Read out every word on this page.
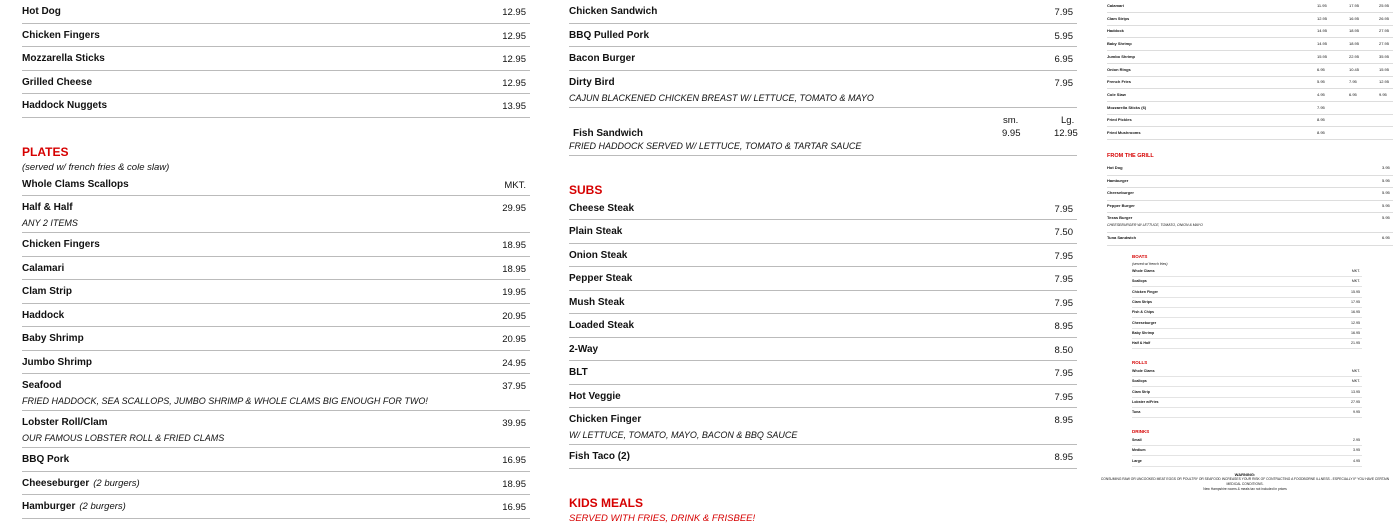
Hot Dog	12.95
Chicken Fingers	12.95
Mozzarella Sticks	12.95
Grilled Cheese	12.95
Haddock Nuggets	13.95
PLATES
(served w/ french fries & cole slaw)
Whole Clams Scallops	MKT.
Half & Half	29.95
ANY 2 ITEMS
Chicken Fingers	18.95
Calamari	18.95
Clam Strip	19.95
Haddock	20.95
Baby Shrimp	20.95
Jumbo Shrimp	24.95
Seafood	37.95
FRIED HADDOCK, SEA SCALLOPS, JUMBO SHRIMP & WHOLE CLAMS BIG ENOUGH FOR TWO!
Lobster Roll/Clam	39.95
OUR FAMOUS LOBSTER ROLL & FRIED CLAMS
BBQ Pork	16.95
Cheeseburger (2 burgers)	18.95
Hamburger (2 burgers)	16.95
Chicken Sandwich	7.95
BBQ Pulled Pork	5.95
Bacon Burger	6.95
Dirty Bird	7.95
CAJUN BLACKENED CHICKEN BREAST W/ LETTUCE, TOMATO & MAYO
sm.	Lg.
Fish Sandwich	9.95	12.95
FRIED HADDOCK SERVED W/ LETTUCE, TOMATO & TARTAR SAUCE
SUBS
Cheese Steak	7.95
Plain Steak	7.50
Onion Steak	7.95
Pepper Steak	7.95
Mush Steak	7.95
Loaded Steak	8.95
2-Way	8.50
BLT	7.95
Hot Veggie	7.95
Chicken Finger	8.95
W/ LETTUCE, TOMATO, MAYO, BACON & BBQ SAUCE
Fish Taco (2)	8.95
KIDS MEALS
SERVED WITH FRIES, DRINK & FRISBEE!
Calamari	11.95	17.95	25.95
Clam Strips	12.95	16.95	26.95
Haddock	14.95	18.95	27.95
Baby Shrimp	14.95	18.95	27.95
Jumbo Shrimp	15.95	22.95	35.95
Onion Rings	6.95	10.45	15.95
French Fries	5.95	7.95	12.95
Cole Slaw	4.95	6.95	9.95
Mozzarella Sticks (6)	7.95
Fried Pickles	8.95
Fried Mushrooms	8.95
FROM THE GRILL
Hot Dog	3.95
Hamburger	5.95
Cheeseburger	5.95
Pepper Burger	5.95
Texas Burger	5.95
CHEESEBURGER W/ LETTUCE, TOMATO, ONION & MAYO
Tuna Sandwich	6.95
BOATS
(served w/ french fries)
Whole Clams	MKT.
Scallops	MKT.
Chicken Finger	15.95
Clam Strips	17.95
Fish & Chips	16.95
Cheeseburger	12.95
Baby Shrimp	16.95
Half & Half	21.95
ROLLS
Whole Clams	MKT.
Scallops	MKT.
Clam Strip	13.95
Lobster w/Fries	27.95
Tuna	9.95
DRINKS
Small	2.95
Medium	3.95
Large	4.95
WARNING:
CONSUMING RAW OR UNCOOKED MEAT EGGS OR POULTRY OR SEAFOOD INCREASES YOUR RISK OF CONTRACTING A FOODBORNE ILLNESS - ESPECIALLY IF YOU HAVE CERTAIN MEDICAL CONDITIONS.
New Hampshire rooms & meals tax not included in prices
